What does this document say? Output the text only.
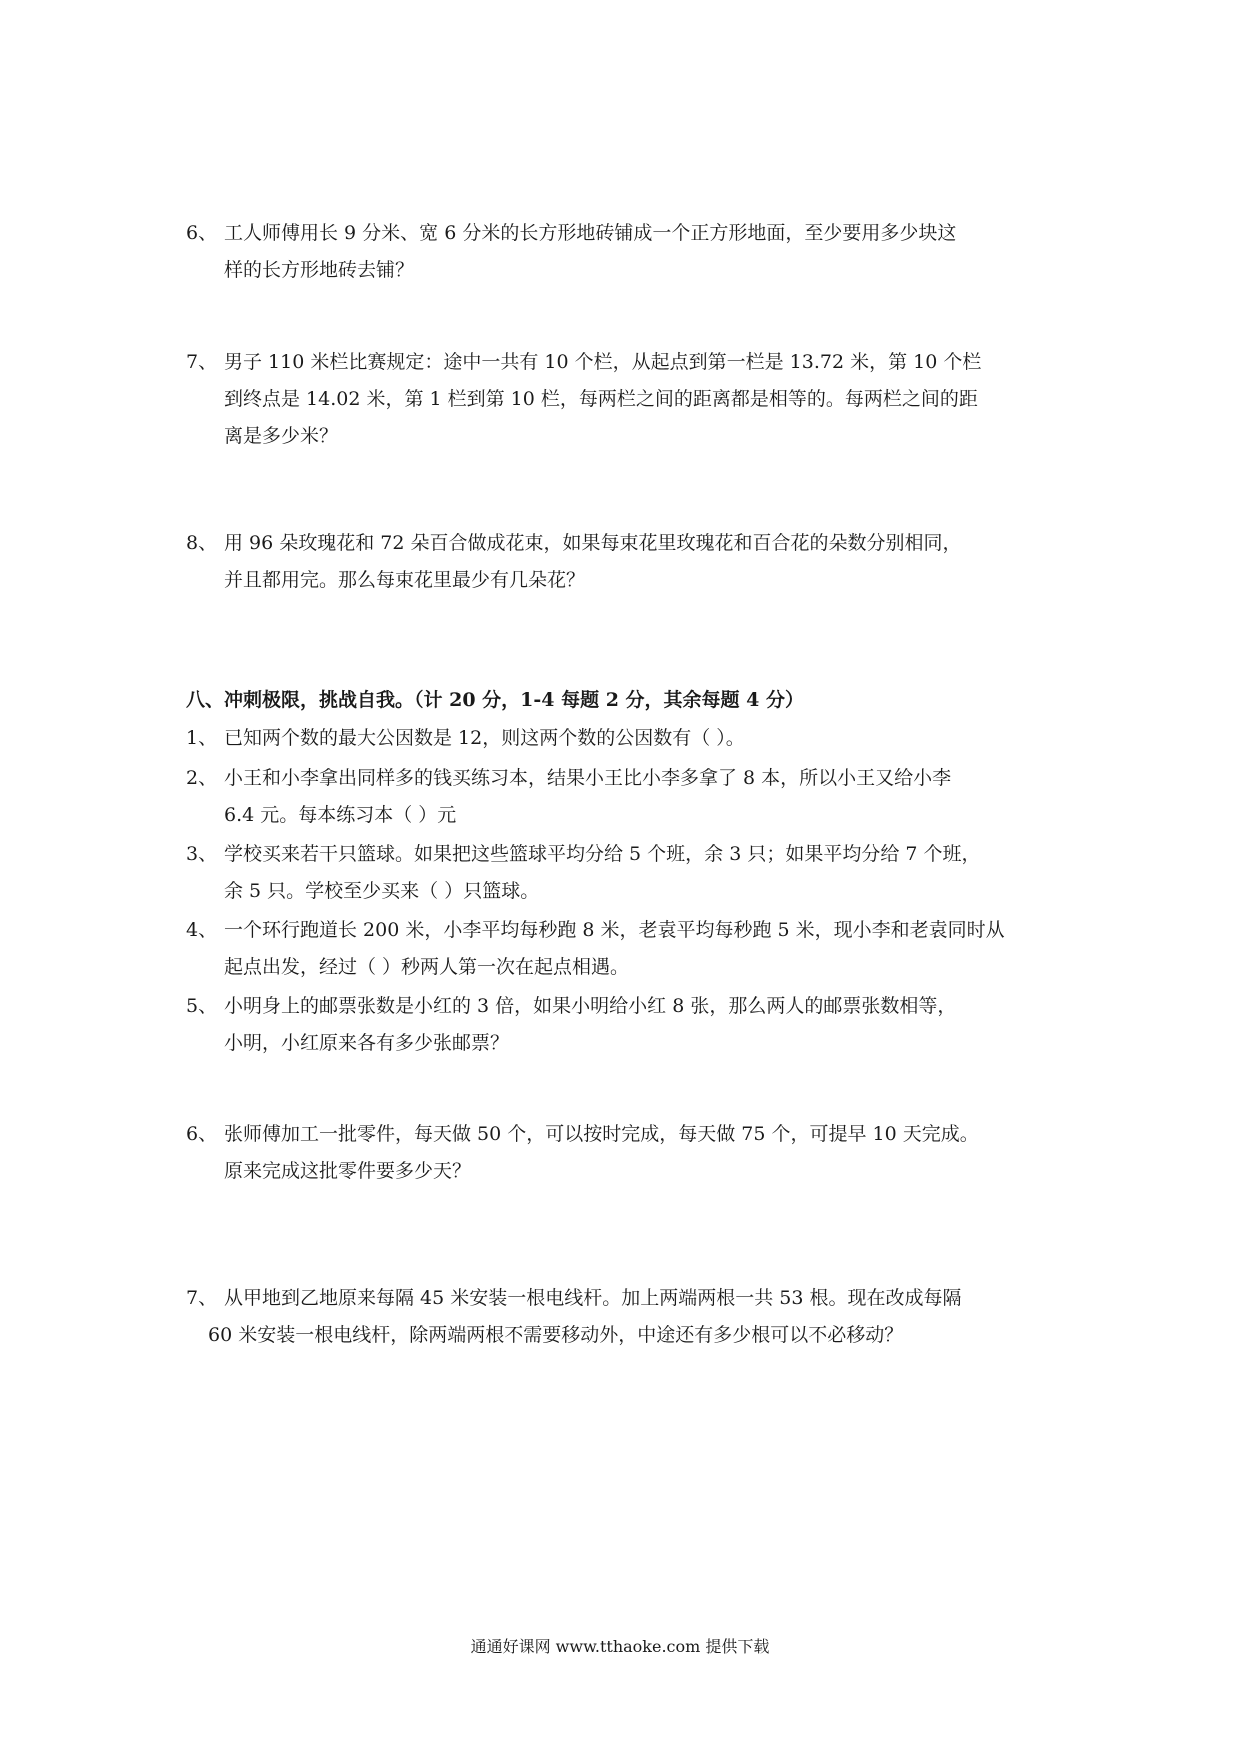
6、 工人师傅用长 9 分米、宽 6 分米的长方形地砖铺成一个正方形地面，至少要用多少块这
样的长方形地砖去铺？
7、 男子 110 米栏比赛规定：途中一共有 10 个栏，从起点到第一栏是 13.72 米，第 10 个栏
到终点是 14.02 米，第 1 栏到第 10 栏，每两栏之间的距离都是相等的。每两栏之间的距
离是多少米？
8、 用 96 朵玫瑰花和 72 朵百合做成花束，如果每束花里玫瑰花和百合花的朵数分别相同，
并且都用完。那么每束花里最少有几朵花？
八、冲刺极限，挑战自我。（计 20 分，1-4 每题 2 分，其余每题 4 分）
1、 已知两个数的最大公因数是 12，则这两个数的公因数有（ ）。
2、 小王和小李拿出同样多的钱买练习本，结果小王比小李多拿了 8 本，所以小王又给小李
6.4 元。每本练习本（ ）元
3、 学校买来若干只篮球。如果把这些篮球平均分给 5 个班，余 3 只；如果平均分给 7 个班，
余 5 只。学校至少买来（ ）只篮球。
4、 一个环行跑道长 200 米，小李平均每秒跑 8 米，老袁平均每秒跑 5 米，现小李和老袁同时从
起点出发，经过（ ）秒两人第一次在起点相遇。
5、 小明身上的邮票张数是小红的 3 倍，如果小明给小红 8 张，那么两人的邮票张数相等，
小明，小红原来各有多少张邮票？
6、 张师傅加工一批零件，每天做 50 个，可以按时完成，每天做 75 个，可提早 10 天完成。
原来完成这批零件要多少天？
7、 从甲地到乙地原来每隔 45 米安装一根电线杆。加上两端两根一共 53 根。现在改成每隔
60 米安装一根电线杆，除两端两根不需要移动外，中途还有多少根可以不必移动？
通通好课网 www.tthaoke.com 提供下载
